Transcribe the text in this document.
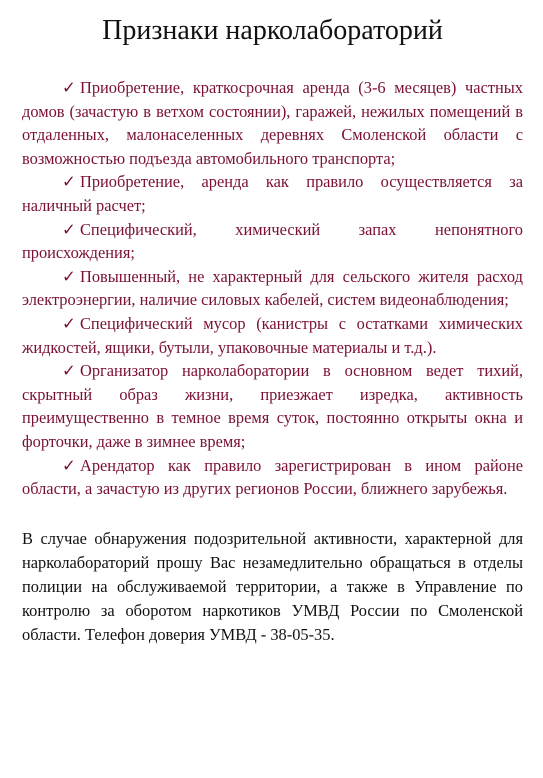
Признаки нарколабораторий

✓ Приобретение, краткосрочная аренда (3-6 месяцев) частных домов (зачастую в ветхом состоянии), гаражей, нежилых помещений в отдаленных, малонаселенных деревнях Смоленской области с возможностью подъезда автомобильного транспорта;

✓ Приобретение, аренда как правило осуществляется за наличный расчет;

✓ Специфический, химический запах непонятного происхождения;

✓ Повышенный, не характерный для сельского жителя расход электроэнергии, наличие силовых кабелей, систем видеонаблюдения;

✓ Специфический мусор (канистры с остатками химических жидкостей, ящики, бутыли, упаковочные материалы и т.д.).

✓ Организатор нарколаборатории в основном ведет тихий, скрытный образ жизни, приезжает изредка, активность преимущественно в темное время суток, постоянно открыты окна и форточки, даже в зимнее время;

✓ Арендатор как правило зарегистрирован в ином районе области, а зачастую из других регионов России, ближнего зарубежья.

В случае обнаружения подозрительной активности, характерной для нарколабораторий прошу Вас незамедлительно обращаться в отделы полиции на обслуживаемой территории, а также в Управление по контролю за оборотом наркотиков УМВД России по Смоленской области. Телефон доверия УМВД - 38-05-35.
